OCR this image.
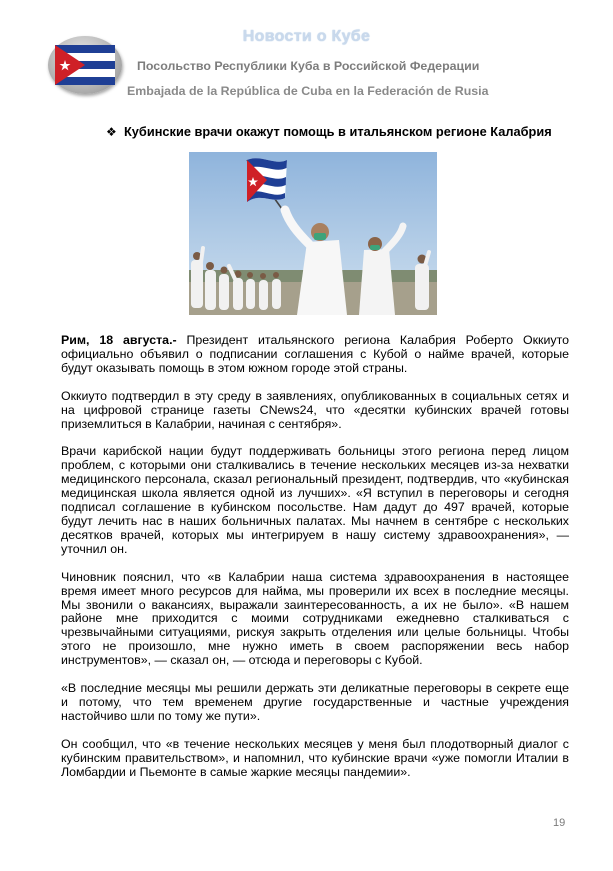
Новости о Кубе
Посольство Республики Куба в Российской Федерации
Embajada de la República de Cuba en la Federación de Rusia
❖ Кубинские врачи окажут помощь в итальянском регионе Калабрия

Рим, 18 августа.- Президент итальянского региона Калабрия Роберто Оккиуто официально объявил о подписании соглашения с Кубой о найме врачей, которые будут оказывать помощь в этом южном городе этой страны.

Оккиуто подтвердил в эту среду в заявлениях, опубликованных в социальных сетях и на цифровой странице газеты CNews24, что «десятки кубинских врачей готовы приземлиться в Калабрии, начиная с сентября».

Врачи карибской нации будут поддерживать больницы этого региона перед лицом проблем, с которыми они сталкивались в течение нескольких месяцев из-за нехватки медицинского персонала, сказал региональный президент, подтвердив, что «кубинская медицинская школа является одной из лучших». «Я вступил в переговоры и сегодня подписал соглашение в кубинском посольстве. Нам дадут до 497 врачей, которые будут лечить нас в наших больничных палатах. Мы начнем в сентябре с нескольких десятков врачей, которых мы интегрируем в нашу систему здравоохранения», — уточнил он.

Чиновник пояснил, что «в Калабрии наша система здравоохранения в настоящее время имеет много ресурсов для найма, мы проверили их всех в последние месяцы. Мы звонили о вакансиях, выражали заинтересованность, а их не было». «В нашем районе мне приходится с моими сотрудниками ежедневно сталкиваться с чрезвычайными ситуациями, рискуя закрыть отделения или целые больницы. Чтобы этого не произошло, мне нужно иметь в своем распоряжении весь набор инструментов», — сказал он, — отсюда и переговоры с Кубой.

«В последние месяцы мы решили держать эти деликатные переговоры в секрете еще и потому, что тем временем другие государственные и частные учреждения настойчиво шли по тому же пути».

Он сообщил, что «в течение нескольких месяцев у меня был плодотворный диалог с кубинским правительством», и напомнил, что кубинские врачи «уже помогли Италии в Ломбардии и Пьемонте в самые жаркие месяцы пандемии».

19
